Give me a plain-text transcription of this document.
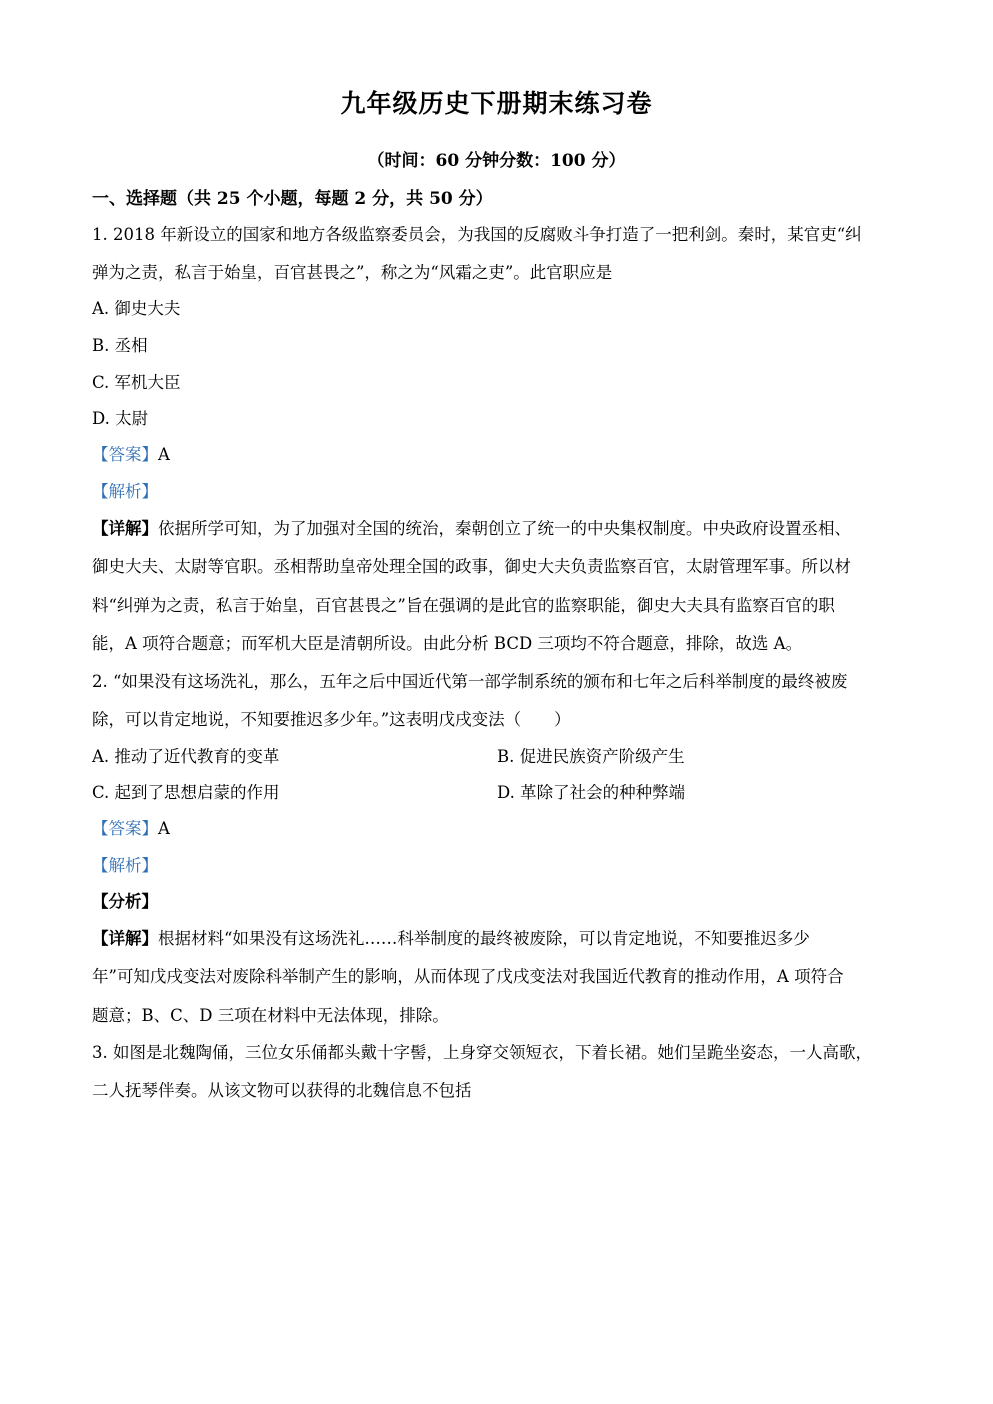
九年级历史下册期末练习卷
（时间：60 分钟分数：100 分）
一、选择题（共 25 个小题，每题 2 分，共 50 分）
1. 2018 年新设立的国家和地方各级监察委员会，为我国的反腐败斗争打造了一把利剑。秦时，某官吏“纠
弹为之责，私言于始皇，百官甚畏之”，称之为“风霜之吏”。此官职应是
A. 御史大夫
B. 丞相
C. 军机大臣
D. 太尉
【答案】A
【解析】
【详解】依据所学可知，为了加强对全国的统治，秦朝创立了统一的中央集权制度。中央政府设置丞相、
御史大夫、太尉等官职。丞相帮助皇帝处理全国的政事，御史大夫负责监察百官，太尉管理军事。所以材
料“纠弹为之责，私言于始皇，百官甚畏之”旨在强调的是此官的监察职能，御史大夫具有监察百官的职
能，A 项符合题意；而军机大臣是清朝所设。由此分析 BCD 三项均不符合题意，排除，故选 A。
2. “如果没有这场洗礼，那么，五年之后中国近代第一部学制系统的颁布和七年之后科举制度的最终被废
除，可以肯定地说，不知要推迟多少年。”这表明戊戌变法（　　）
A. 推动了近代教育的变革	B. 促进民族资产阶级产生
C. 起到了思想启蒙的作用	D. 革除了社会的种种弊端
【答案】A
【解析】
【分析】
【详解】根据材料“如果没有这场洗礼……科举制度的最终被废除，可以肯定地说，不知要推迟多少
年”可知戊戌变法对废除科举制产生的影响，从而体现了戊戌变法对我国近代教育的推动作用，A 项符合
题意；B、C、D 三项在材料中无法体现，排除。
3. 如图是北魏陶俑，三位女乐俑都头戴十字髻，上身穿交领短衣，下着长裙。她们呈跪坐姿态，一人高歌，
二人抚琴伴奏。从该文物可以获得的北魏信息不包括
